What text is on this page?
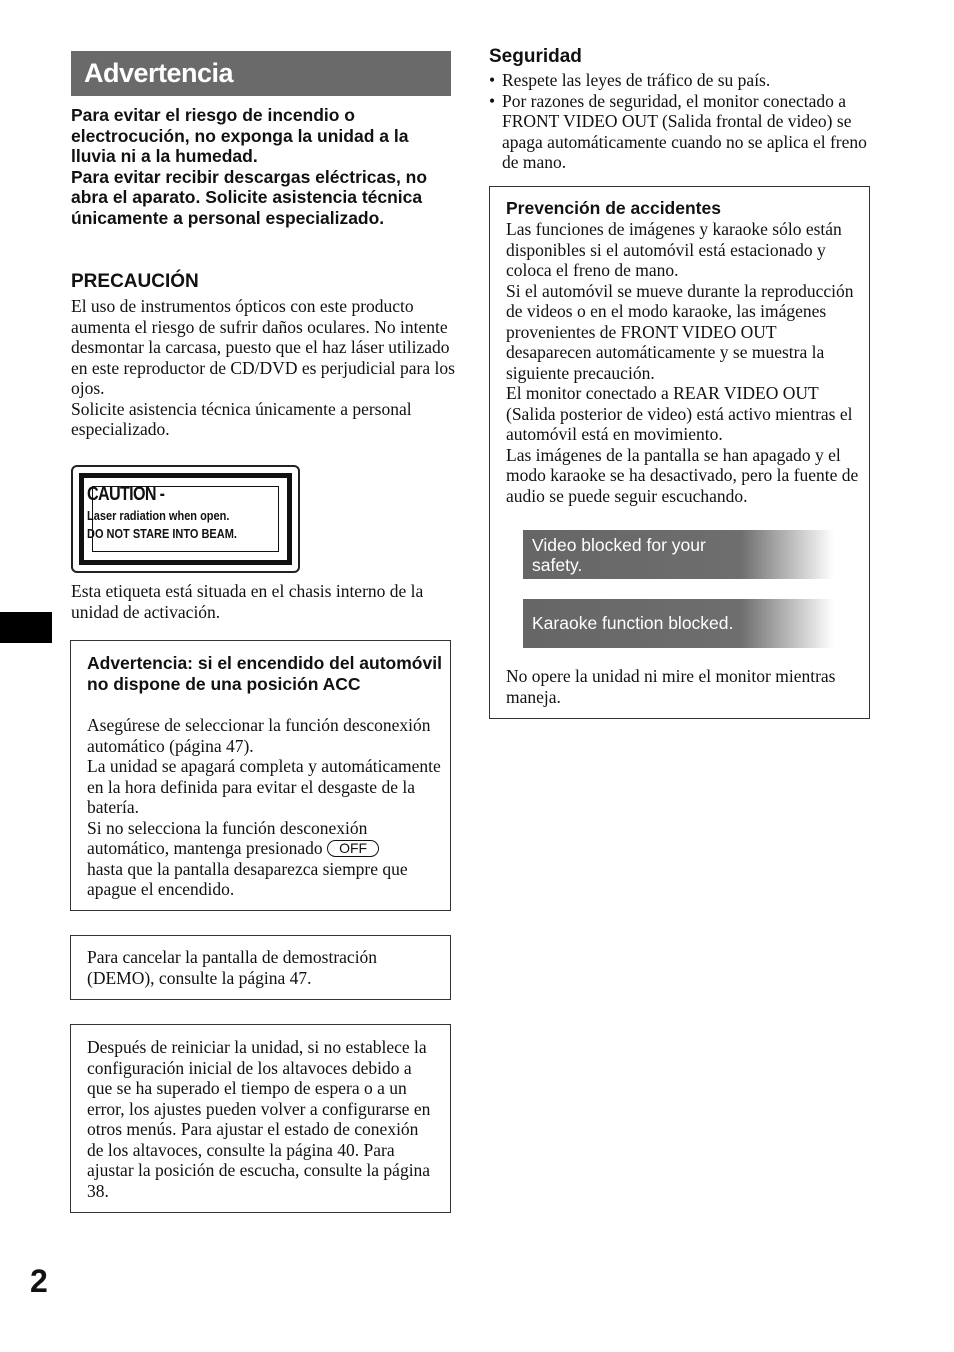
Advertencia
Para evitar el riesgo de incendio o electrocución, no exponga la unidad a la lluvia ni a la humedad.
Para evitar recibir descargas eléctricas, no abra el aparato. Solicite asistencia técnica únicamente a personal especializado.
PRECAUCIÓN
El uso de instrumentos ópticos con este producto aumenta el riesgo de sufrir daños oculares. No intente desmontar la carcasa, puesto que el haz láser utilizado en este reproductor de CD/DVD es perjudicial para los ojos.
Solicite asistencia técnica únicamente a personal especializado.
CAUTION -
Laser radiation when open.
DO NOT STARE INTO BEAM.
Esta etiqueta está situada en el chasis interno de la unidad de activación.
Advertencia: si el encendido del automóvil no dispone de una posición ACC
Asegúrese de seleccionar la función desconexión automático (página 47).
La unidad se apagará completa y automáticamente en la hora definida para evitar el desgaste de la batería.
Si no selecciona la función desconexión automático, mantenga presionado OFF
hasta que la pantalla desaparezca siempre que apague el encendido.
Para cancelar la pantalla de demostración (DEMO), consulte la página 47.
Después de reiniciar la unidad, si no establece la configuración inicial de los altavoces debido a que se ha superado el tiempo de espera o a un error, los ajustes pueden volver a configurarse en otros menús. Para ajustar el estado de conexión de los altavoces, consulte la página 40. Para ajustar la posición de escucha, consulte la página 38.
2
Seguridad
• Respete las leyes de tráfico de su país.
• Por razones de seguridad, el monitor conectado a FRONT VIDEO OUT (Salida frontal de video) se apaga automáticamente cuando no se aplica el freno de mano.
Prevención de accidentes
Las funciones de imágenes y karaoke sólo están disponibles si el automóvil está estacionado y coloca el freno de mano.
Si el automóvil se mueve durante la reproducción de videos o en el modo karaoke, las imágenes provenientes de FRONT VIDEO OUT desaparecen automáticamente y se muestra la siguiente precaución.
El monitor conectado a REAR VIDEO OUT (Salida posterior de video) está activo mientras el automóvil está en movimiento.
Las imágenes de la pantalla se han apagado y el modo karaoke se ha desactivado, pero la fuente de audio se puede seguir escuchando.
No opere la unidad ni mire el monitor mientras maneja.
Video blocked for your safety.
Karaoke function blocked.
